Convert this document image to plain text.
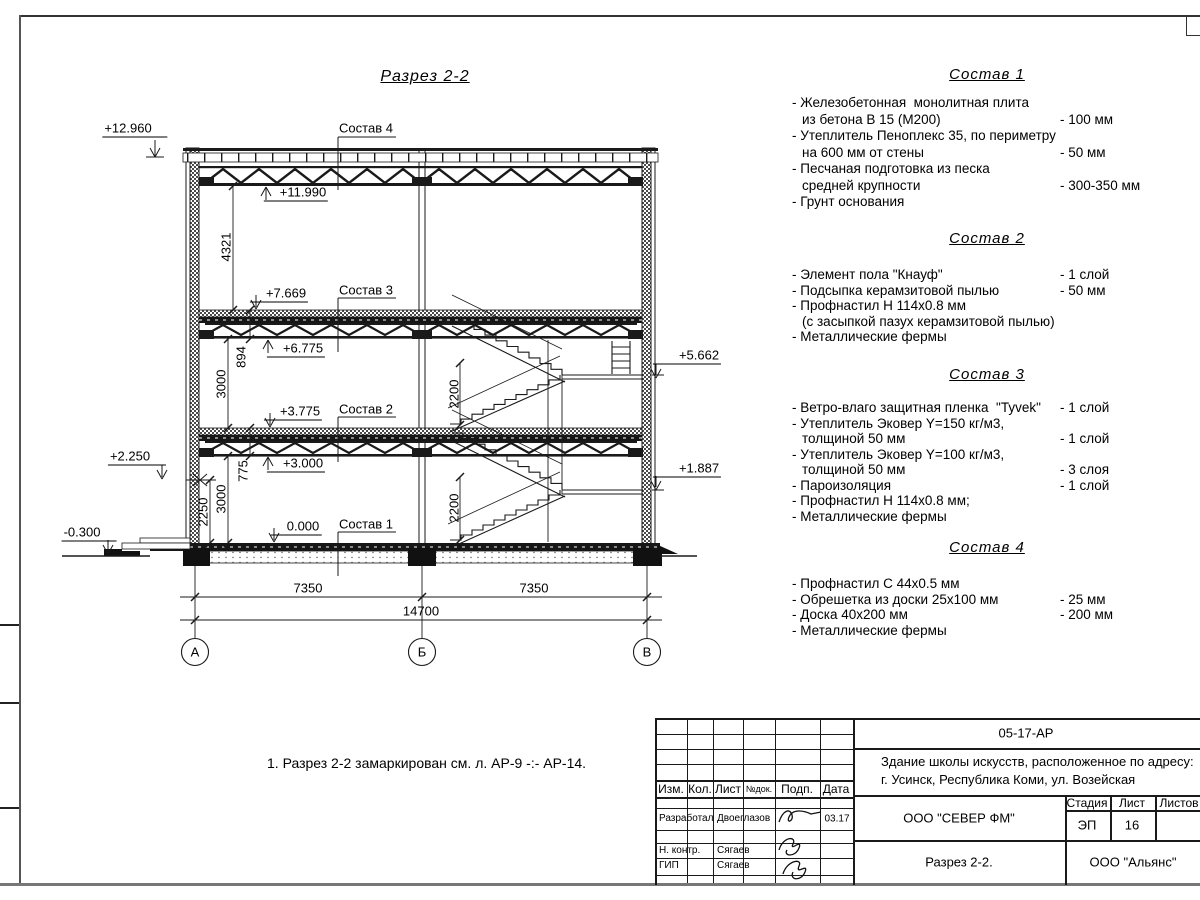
Разрез 2-2
1. Разрез 2-2 замаркирован см. л. АР-9 -:- АР-14.
Состав 4
Состав 3
Состав 2
Состав 1
+12.960
+11.990
+7.669
+6.775
+3.775
+3.000
0.000
-0.300
+2.250
+5.662
+1.887
4321
894
3000
775
2250 3000
2200
2200
7350	7350
14700
А	Б	В
Состав 1
- Железобетонная  монолитная плита
из бетона В 15 (М200)	- 100 мм
- Утеплитель Пеноплекс 35, по периметру
на 600 мм от стены	- 50 мм
- Песчаная подготовка из песка
средней крупности	- 300-350 мм
- Грунт основания
Состав 2
- Элемент пола "Кнауф"	- 1 слой
- Подсыпка керамзитовой пылью	- 50 мм
- Профнастил Н 114х0.8 мм
(с засыпкой пазух керамзитовой пылью)
- Металлические фермы
Состав 3
- Ветро-влаго защитная пленка  "Tyvek"	- 1 слой
- Утеплитель Эковер Y=150 кг/м3,
толщиной 50 мм	- 1 слой
- Утеплитель Эковер Y=100 кг/м3,
толщиной 50 мм	- 3 слоя
- Пароизоляция	- 1 слой
- Профнастил Н 114х0.8 мм;
- Металлические фермы
Состав 4
- Профнастил С 44х0.5 мм
- Обрешетка из доски 25х100 мм	- 25 мм
- Доска 40х200 мм	- 200 мм
- Металлические фермы
Изм. Кол. Лист №док. Подп. Дата
Разработал Двоеглазов	03.17
Н. контр. Сягаев
ГИП	Сягаев
05-17-АР
Здание школы искусств, расположенное по адресу:
г. Усинск, Республика Коми, ул. Возейская
ООО "СЕВЕР ФМ"
Стадия Лист Листов
ЭП 16
Разрез 2-2.	ООО "Альянс"
